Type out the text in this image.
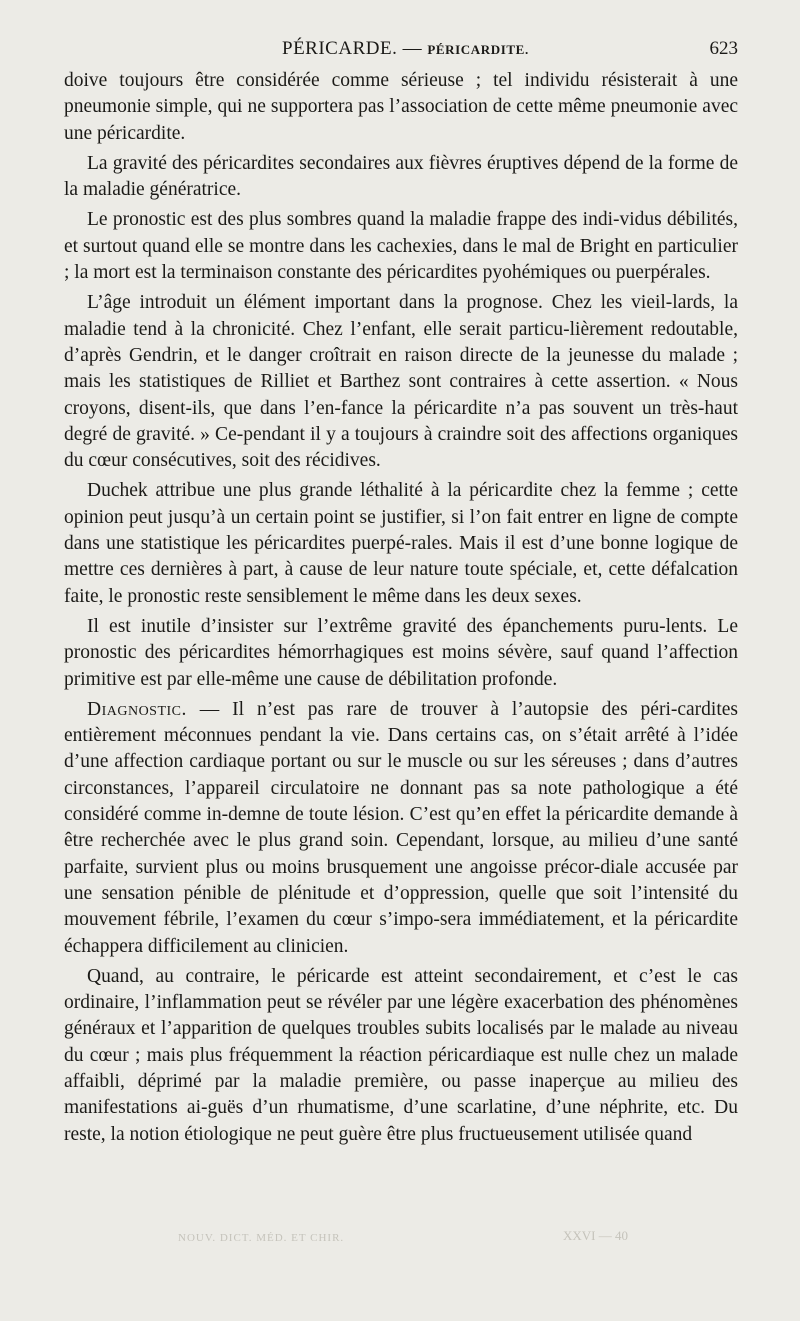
PÉRICARDE. — PÉRICARDITE.	623

doive toujours être considérée comme sérieuse ; tel individu résisterait à une pneumonie simple, qui ne supportera pas l’association de cette même pneumonie avec une péricardite.

La gravité des péricardites secondaires aux fièvres éruptives dépend de la forme de la maladie génératrice.

Le pronostic est des plus sombres quand la maladie frappe des indi-vidus débilités, et surtout quand elle se montre dans les cachexies, dans le mal de Bright en particulier ; la mort est la terminaison constante des péricardites pyohémiques ou puerpérales.

L’âge introduit un élément important dans la prognose. Chez les vieil-lards, la maladie tend à la chronicité. Chez l’enfant, elle serait particu-lièrement redoutable, d’après Gendrin, et le danger croîtrait en raison directe de la jeunesse du malade ; mais les statistiques de Rilliet et Barthez sont contraires à cette assertion. « Nous croyons, disent-ils, que dans l’en-fance la péricardite n’a pas souvent un très-haut degré de gravité. » Ce-pendant il y a toujours à craindre soit des affections organiques du cœur consécutives, soit des récidives.

Duchek attribue une plus grande léthalité à la péricardite chez la femme ; cette opinion peut jusqu’à un certain point se justifier, si l’on fait entrer en ligne de compte dans une statistique les péricardites puerpé-rales. Mais il est d’une bonne logique de mettre ces dernières à part, à cause de leur nature toute spéciale, et, cette défalcation faite, le pronostic reste sensiblement le même dans les deux sexes.

Il est inutile d’insister sur l’extrême gravité des épanchements puru-lents. Le pronostic des péricardites hémorrhagiques est moins sévère, sauf quand l’affection primitive est par elle-même une cause de débilitation profonde.

Diagnostic. — Il n’est pas rare de trouver à l’autopsie des péri-cardites entièrement méconnues pendant la vie. Dans certains cas, on s’était arrêté à l’idée d’une affection cardiaque portant ou sur le muscle ou sur les séreuses ; dans d’autres circonstances, l’appareil circulatoire ne donnant pas sa note pathologique a été considéré comme in-demne de toute lésion. C’est qu’en effet la péricardite demande à être recherchée avec le plus grand soin. Cependant, lorsque, au milieu d’une santé parfaite, survient plus ou moins brusquement une angoisse précor-diale accusée par une sensation pénible de plénitude et d’oppression, quelle que soit l’intensité du mouvement fébrile, l’examen du cœur s’impo-sera immédiatement, et la péricardite échappera difficilement au clinicien.

Quand, au contraire, le péricarde est atteint secondairement, et c’est le cas ordinaire, l’inflammation peut se révéler par une légère exacerbation des phénomènes généraux et l’apparition de quelques troubles subits localisés par le malade au niveau du cœur ; mais plus fréquemment la réaction péricardiaque est nulle chez un malade affaibli, déprimé par la maladie première, ou passe inaperçue au milieu des manifestations ai-guës d’un rhumatisme, d’une scarlatine, d’une néphrite, etc. Du reste, la notion étiologique ne peut guère être plus fructueusement utilisée quand

NOUV. DICT. MÉD. ET CHIR.	XXVI — 40
